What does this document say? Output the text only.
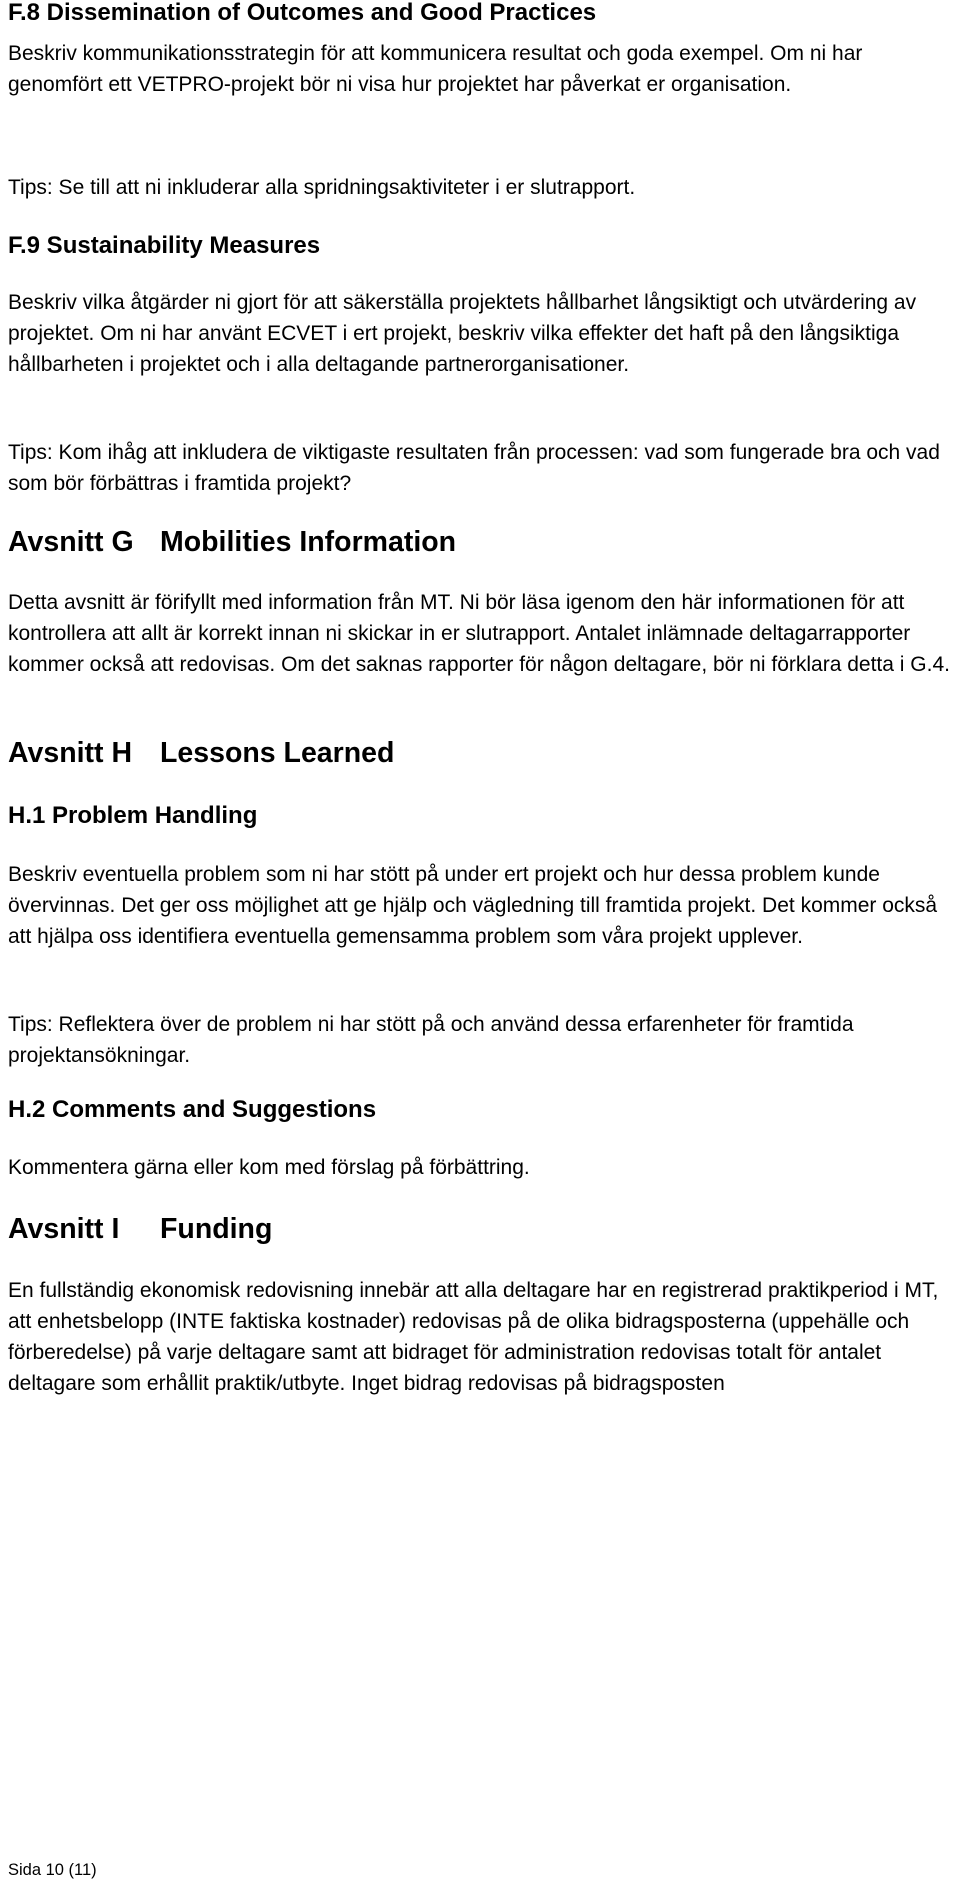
F.8 Dissemination of Outcomes and Good Practices

Beskriv kommunikationsstrategin för att kommunicera resultat och goda exempel. Om ni har genomfört ett VETPRO-projekt bör ni visa hur projektet har påverkat er organisation.

Tips: Se till att ni inkluderar alla spridningsaktiviteter i er slutrapport.

F.9 Sustainability Measures

Beskriv vilka åtgärder ni gjort för att säkerställa projektets hållbarhet långsiktigt och utvärdering av projektet. Om ni har använt ECVET i ert projekt, beskriv vilka effekter det haft på den långsiktiga hållbarheten i projektet och i alla deltagande partnerorganisationer.

Tips: Kom ihåg att inkludera de viktigaste resultaten från processen: vad som fungerade bra och vad som bör förbättras i framtida projekt?

Avsnitt G Mobilities Information

Detta avsnitt är förifyllt med information från MT. Ni bör läsa igenom den här informationen för att kontrollera att allt är korrekt innan ni skickar in er slutrapport. Antalet inlämnade deltagarrapporter kommer också att redovisas. Om det saknas rapporter för någon deltagare, bör ni förklara detta i G.4.

Avsnitt H Lessons Learned
H.1 Problem Handling

Beskriv eventuella problem som ni har stött på under ert projekt och hur dessa problem kunde övervinnas. Det ger oss möjlighet att ge hjälp och vägledning till framtida projekt. Det kommer också att hjälpa oss identifiera eventuella gemensamma problem som våra projekt upplever.

Tips: Reflektera över de problem ni har stött på och använd dessa erfarenheter för framtida projektansökningar.

H.2 Comments and Suggestions

Kommentera gärna eller kom med förslag på förbättring.

Avsnitt I Funding

En fullständig ekonomisk redovisning innebär att alla deltagare har en registrerad praktikperiod i MT, att enhetsbelopp (INTE faktiska kostnader) redovisas på de olika bidragsposterna (uppehälle och förberedelse) på varje deltagare samt att bidraget för administration redovisas totalt för antalet deltagare som erhållit praktik/utbyte. Inget bidrag redovisas på bidragsposten

Sida 10 (11)
